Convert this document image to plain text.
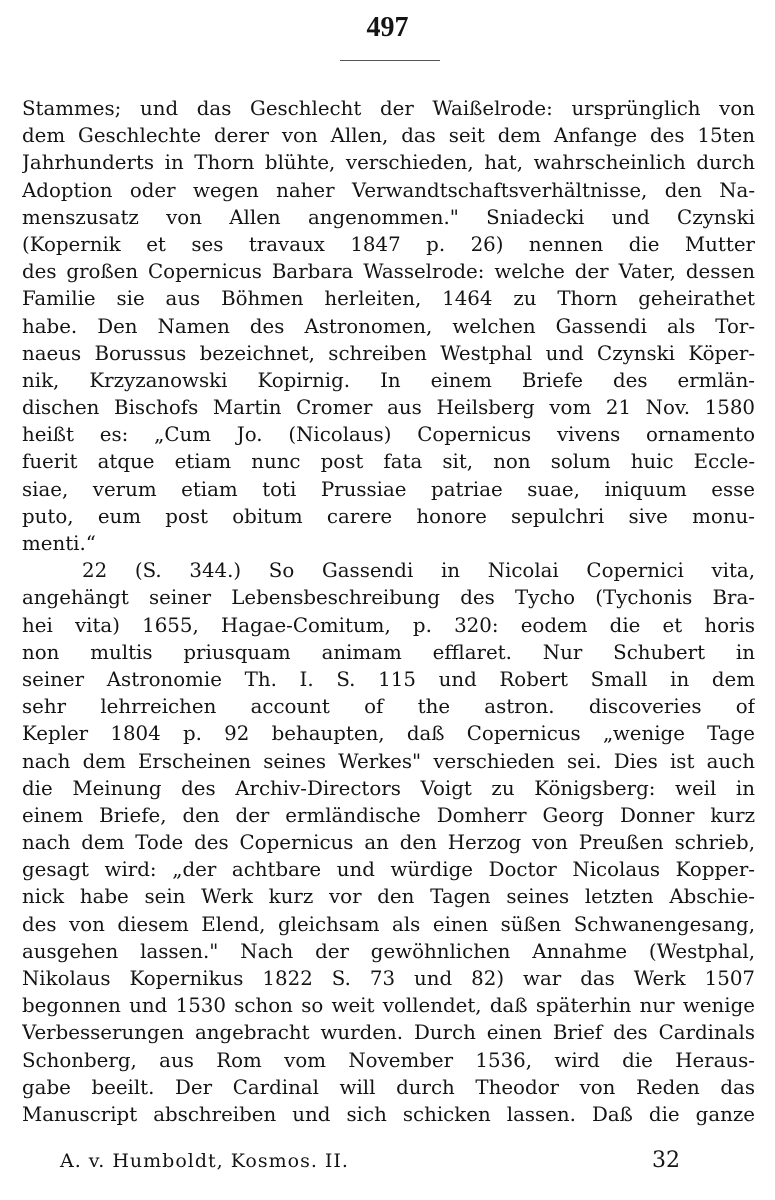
497
Stammes; und das Geschlecht der Waißelrode: ursprünglich von
dem Geschlechte derer von Allen, das seit dem Anfange des 15ten
Jahrhunderts in Thorn blühte, verschieden, hat, wahrscheinlich durch
Adoption oder wegen naher Verwandtschaftsverhältnisse, den Na-
menszusatz von Allen angenommen." Sniadecki und Czynski
(Kopernik et ses travaux 1847 p. 26) nennen die Mutter
des großen Copernicus Barbara Wasselrode: welche der Vater, dessen
Familie sie aus Böhmen herleiten, 1464 zu Thorn geheirathet
habe. Den Namen des Astronomen, welchen Gassendi als Tor-
naeus Borussus bezeichnet, schreiben Westphal und Czynski Köper-
nik, Krzyzanowski Kopirnig. In einem Briefe des ermlän-
dischen Bischofs Martin Cromer aus Heilsberg vom 21 Nov. 1580
heißt es: „Cum Jo. (Nicolaus) Copernicus vivens ornamento
fuerit atque etiam nunc post fata sit, non solum huic Eccle-
siae, verum etiam toti Prussiae patriae suae, iniquum esse
puto, eum post obitum carere honore sepulchri sive monu-
menti.“
22 (S. 344.) So Gassendi in Nicolai Copernici vita,
angehängt seiner Lebensbeschreibung des Tycho (Tychonis Bra-
hei vita) 1655, Hagae-Comitum, p. 320: eodem die et horis
non multis priusquam animam efflaret. Nur Schubert in
seiner Astronomie Th. I. S. 115 und Robert Small in dem
sehr lehrreichen account of the astron. discoveries of
Kepler 1804 p. 92 behaupten, daß Copernicus „wenige Tage
nach dem Erscheinen seines Werkes" verschieden sei. Dies ist auch
die Meinung des Archiv-Directors Voigt zu Königsberg: weil in
einem Briefe, den der ermländische Domherr Georg Donner kurz
nach dem Tode des Copernicus an den Herzog von Preußen schrieb,
gesagt wird: „der achtbare und würdige Doctor Nicolaus Kopper-
nick habe sein Werk kurz vor den Tagen seines letzten Abschie-
des von diesem Elend, gleichsam als einen süßen Schwanengesang,
ausgehen lassen." Nach der gewöhnlichen Annahme (Westphal,
Nikolaus Kopernikus 1822 S. 73 und 82) war das Werk 1507
begonnen und 1530 schon so weit vollendet, daß späterhin nur wenige
Verbesserungen angebracht wurden. Durch einen Brief des Cardinals
Schonberg, aus Rom vom November 1536, wird die Heraus-
gabe beeilt. Der Cardinal will durch Theodor von Reden das
Manuscript abschreiben und sich schicken lassen. Daß die ganze
A. v. Humboldt, Kosmos. II.	32
